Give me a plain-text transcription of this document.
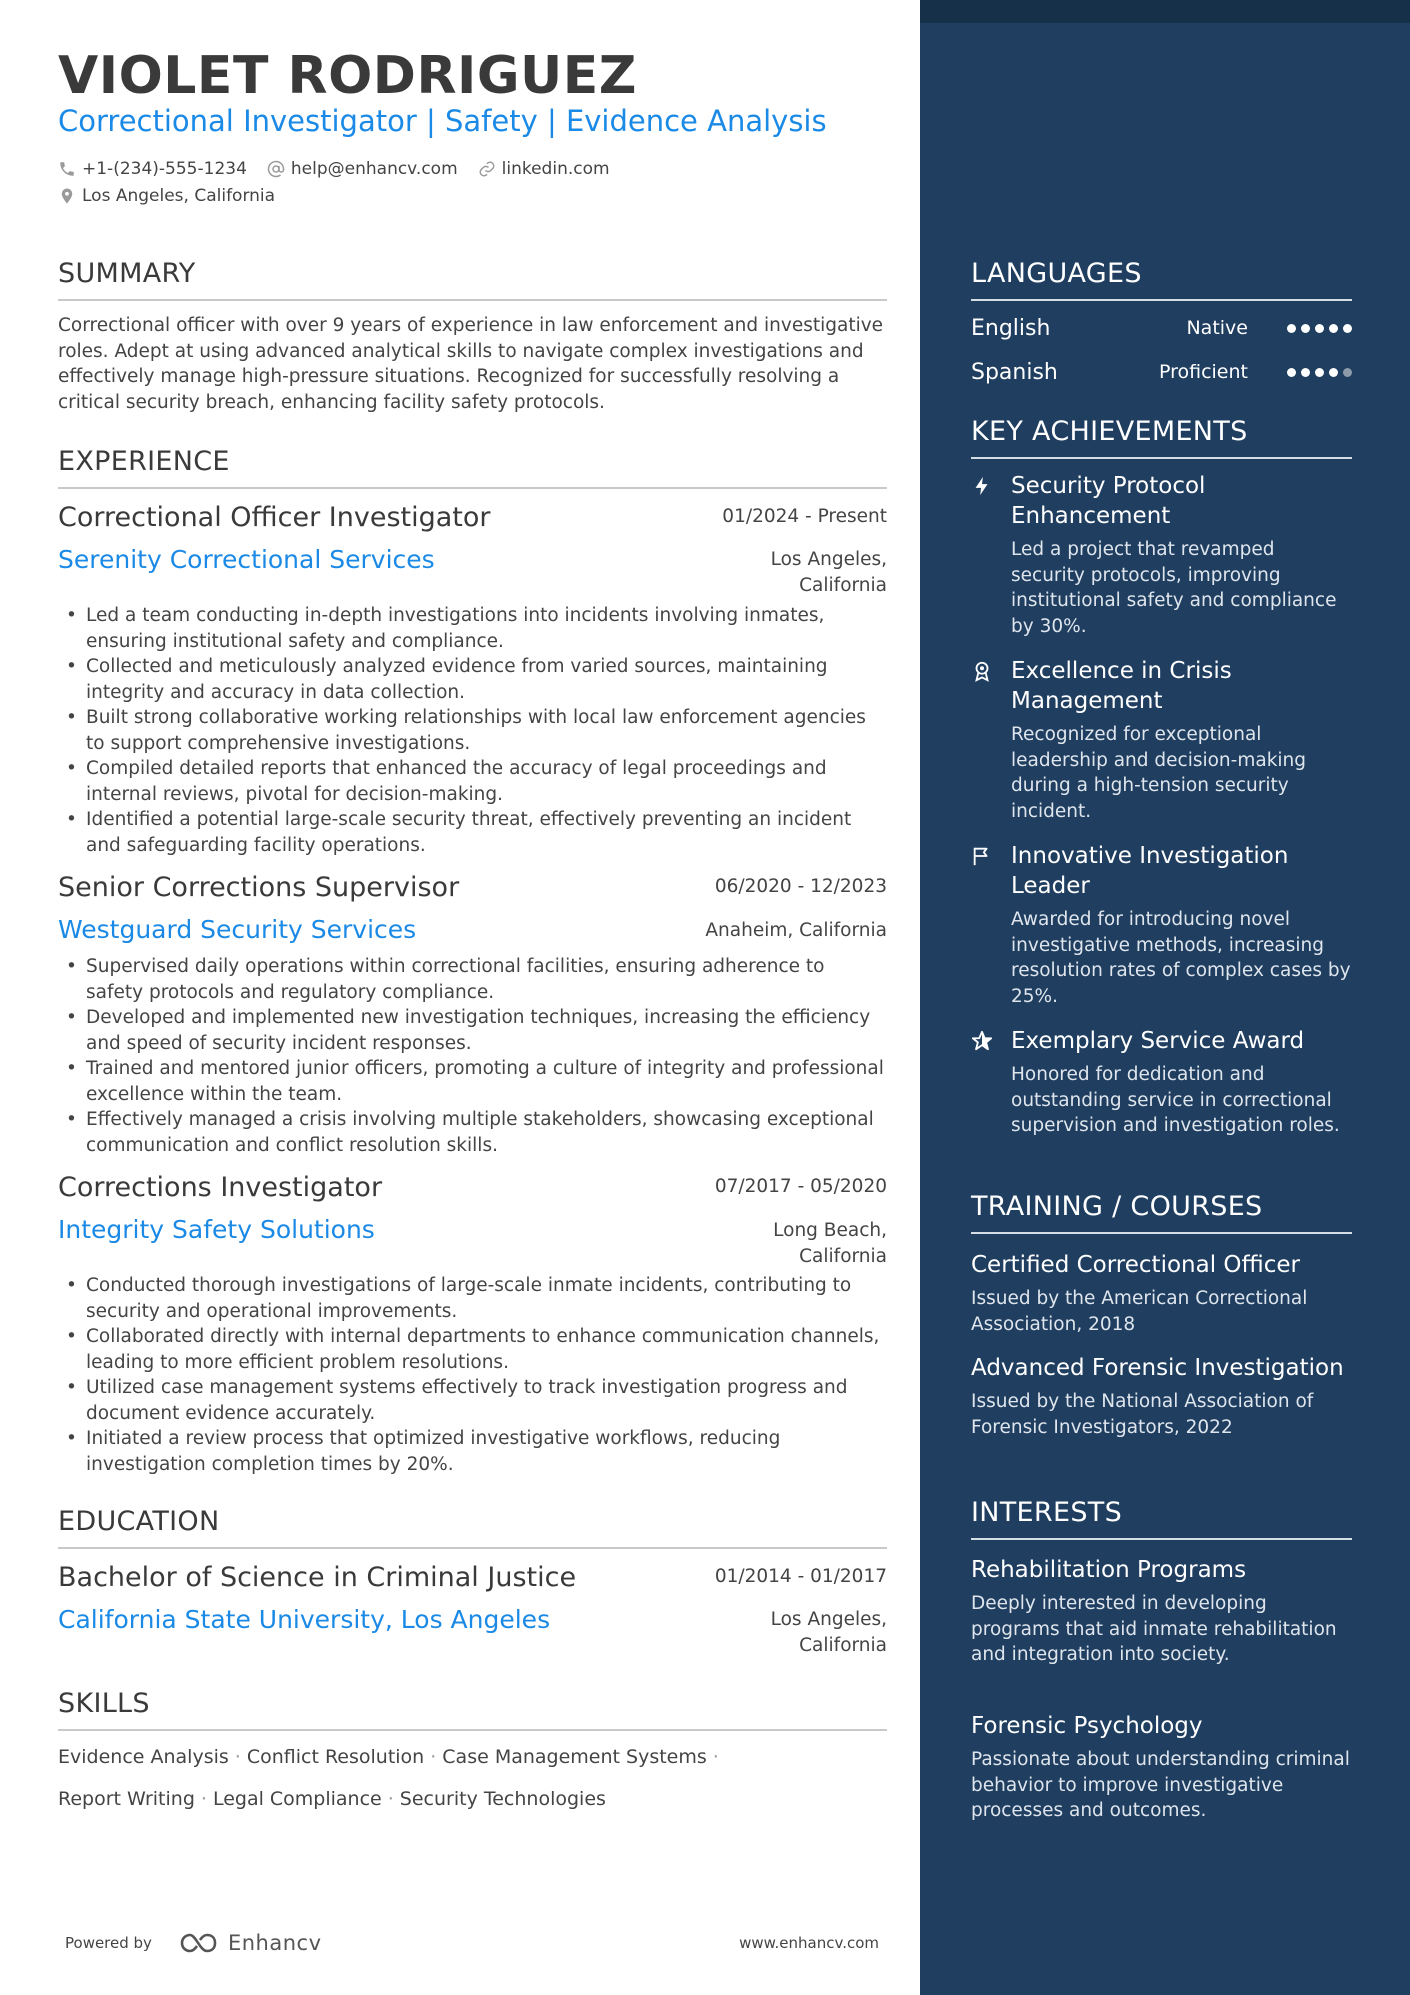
VIOLET RODRIGUEZ
Correctional Investigator | Safety | Evidence Analysis
+1-(234)-555-1234	help@enhancv.com	linkedin.com
Los Angeles, California
SUMMARY
Correctional officer with over 9 years of experience in law enforcement and investigative roles. Adept at using advanced analytical skills to navigate complex investigations and effectively manage high-pressure situations. Recognized for successfully resolving a critical security breach, enhancing facility safety protocols.
EXPERIENCE
Correctional Officer Investigator	01/2024 - Present
Serenity Correctional Services	Los Angeles,
California
• Led a team conducting in-depth investigations into incidents involving inmates, ensuring institutional safety and compliance.
• Collected and meticulously analyzed evidence from varied sources, maintaining integrity and accuracy in data collection.
• Built strong collaborative working relationships with local law enforcement agencies to support comprehensive investigations.
• Compiled detailed reports that enhanced the accuracy of legal proceedings and internal reviews, pivotal for decision-making.
• Identified a potential large-scale security threat, effectively preventing an incident and safeguarding facility operations.
Senior Corrections Supervisor	06/2020 - 12/2023
Westguard Security Services	Anaheim, California
• Supervised daily operations within correctional facilities, ensuring adherence to safety protocols and regulatory compliance.
• Developed and implemented new investigation techniques, increasing the efficiency and speed of security incident responses.
• Trained and mentored junior officers, promoting a culture of integrity and professional excellence within the team.
• Effectively managed a crisis involving multiple stakeholders, showcasing exceptional communication and conflict resolution skills.
Corrections Investigator	07/2017 - 05/2020
Integrity Safety Solutions	Long Beach,
California
• Conducted thorough investigations of large-scale inmate incidents, contributing to security and operational improvements.
• Collaborated directly with internal departments to enhance communication channels, leading to more efficient problem resolutions.
• Utilized case management systems effectively to track investigation progress and document evidence accurately.
• Initiated a review process that optimized investigative workflows, reducing investigation completion times by 20%.
EDUCATION
Bachelor of Science in Criminal Justice	01/2014 - 01/2017
California State University, Los Angeles	Los Angeles,
California
SKILLS
Evidence Analysis · Conflict Resolution · Case Management Systems ·
Report Writing · Legal Compliance · Security Technologies
Powered by	Enhancv	www.enhancv.com
LANGUAGES
English	Native
Spanish	Proficient
KEY ACHIEVEMENTS
Security Protocol Enhancement
Led a project that revamped security protocols, improving institutional safety and compliance by 30%.
Excellence in Crisis Management
Recognized for exceptional leadership and decision-making during a high-tension security incident.
Innovative Investigation Leader
Awarded for introducing novel investigative methods, increasing resolution rates of complex cases by 25%.
Exemplary Service Award
Honored for dedication and outstanding service in correctional supervision and investigation roles.
TRAINING / COURSES
Certified Correctional Officer
Issued by the American Correctional Association, 2018
Advanced Forensic Investigation
Issued by the National Association of Forensic Investigators, 2022
INTERESTS
Rehabilitation Programs
Deeply interested in developing programs that aid inmate rehabilitation and integration into society.
Forensic Psychology
Passionate about understanding criminal behavior to improve investigative processes and outcomes.
